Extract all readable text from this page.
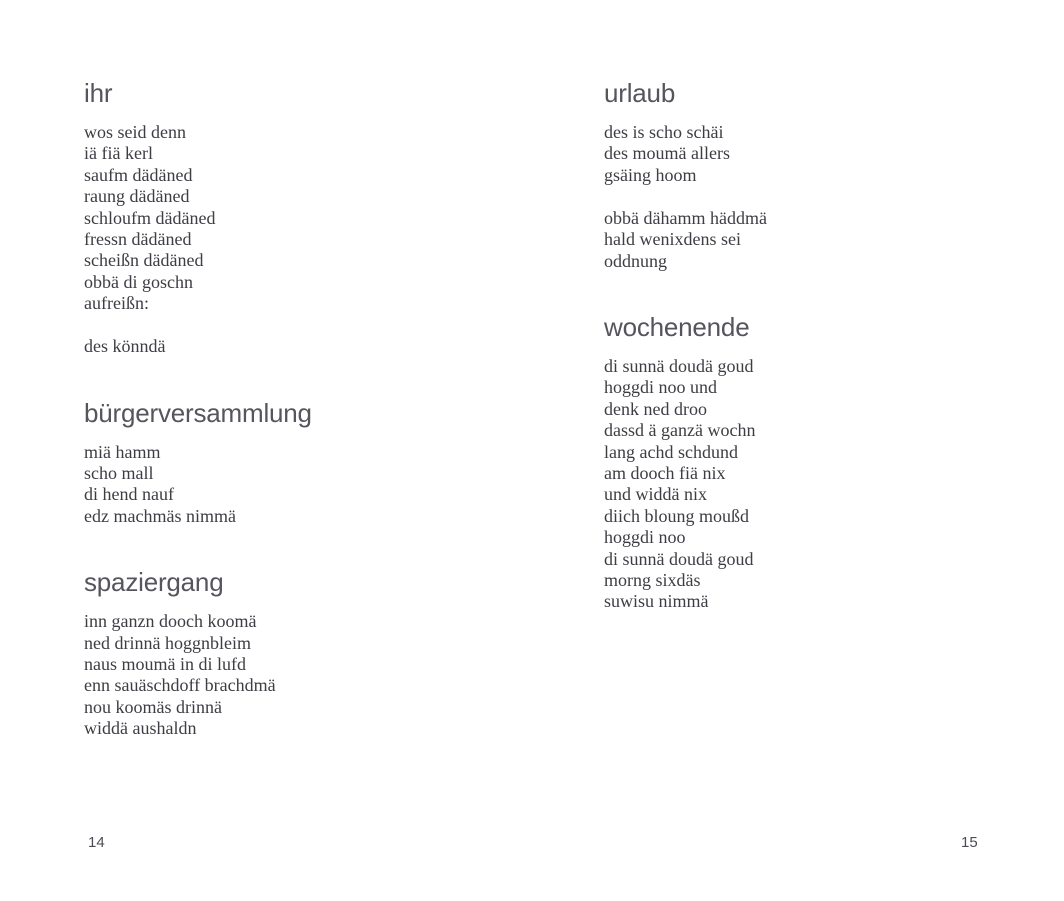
ihr

wos seid denn

iä fiä kerl

saufm dädäned

raung dädäned

schloufm dädäned

fressn dädäned

scheißn dädäned

obbä di goschn

aufreißn:

des könndä

bürgerversammlung

miä hamm

scho mall

di hend nauf

edz machmäs nimmä

spaziergang

inn ganzn dooch koomä

ned drinnä hoggnbleim

naus moumä in di lufd

enn sauäschdoff brachdmä

nou koomäs drinnä

widdä aushaldn

urlaub

des is scho schäi

des moumä allers

gsäing hoom

obbä dähamm häddmä

hald wenixdens sei

oddnung

wochenende

di sunnä doudä goud

hoggdi noo und

denk ned droo

dassd ä ganzä wochn

lang achd schdund

am dooch fiä nix

und widdä nix

diich bloung moußd

hoggdi noo

di sunnä doudä goud

morng sixdäs

suwisu nimmä

14	15
